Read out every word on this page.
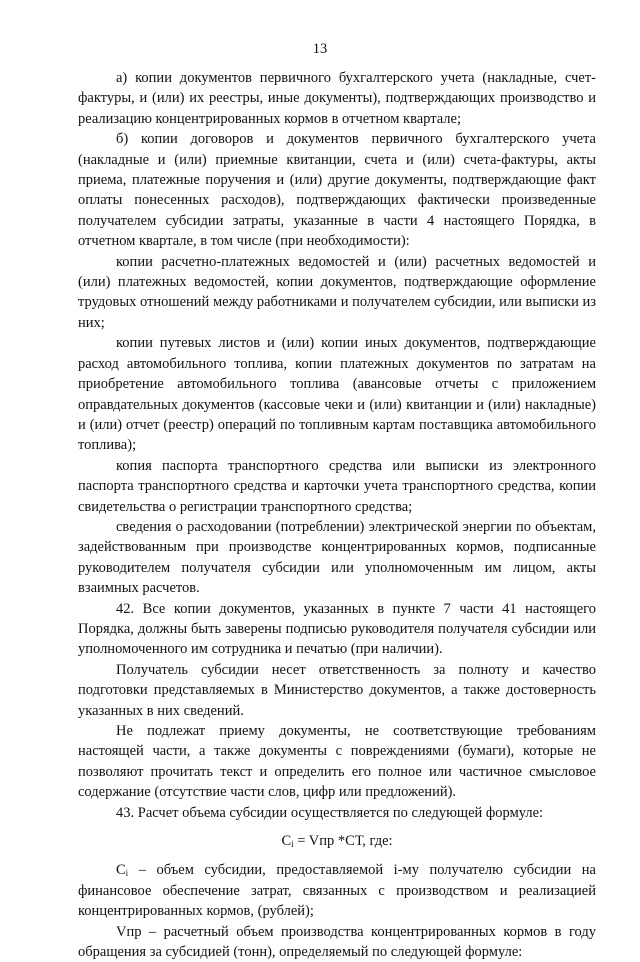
13

а) копии документов первичного бухгалтерского учета (накладные, счет-фактуры, и (или) их реестры, иные документы), подтверждающих производство и реализацию концентрированных кормов в отчетном квартале;

б) копии договоров и документов первичного бухгалтерского учета (накладные и (или) приемные квитанции, счета и (или) счета-фактуры, акты приема, платежные поручения и (или) другие документы, подтверждающие факт оплаты понесенных расходов), подтверждающих фактически произведенные получателем субсидии затраты, указанные в части 4 настоящего Порядка, в отчетном квартале, в том числе (при необходимости):

копии расчетно-платежных ведомостей и (или) расчетных ведомостей и (или) платежных ведомостей, копии документов, подтверждающие оформление трудовых отношений между работниками и получателем субсидии, или выписки из них;

копии путевых листов и (или) копии иных документов, подтверждающие расход автомобильного топлива, копии платежных документов по затратам на приобретение автомобильного топлива (авансовые отчеты с приложением оправдательных документов (кассовые чеки и (или) квитанции и (или) накладные) и (или) отчет (реестр) операций по топливным картам поставщика автомобильного топлива);

копия паспорта транспортного средства или выписки из электронного паспорта транспортного средства и карточки учета транспортного средства, копии свидетельства о регистрации транспортного средства;

сведения о расходовании (потреблении) электрической энергии по объектам, задействованным при производстве концентрированных кормов, подписанные руководителем получателя субсидии или уполномоченным им лицом, акты взаимных расчетов.

42. Все копии документов, указанных в пункте 7 части 41 настоящего Порядка, должны быть заверены подписью руководителя получателя субсидии или уполномоченного им сотрудника и печатью (при наличии).

Получатель субсидии несет ответственность за полноту и качество подготовки представляемых в Министерство документов, а также достоверность указанных в них сведений.

Не подлежат приему документы, не соответствующие требованиям настоящей части, а также документы с повреждениями (бумаги), которые не позволяют прочитать текст и определить его полное или частичное смысловое содержание (отсутствие части слов, цифр или предложений).

43. Расчет объема субсидии осуществляется по следующей формуле:

$C_i$ = Vпр *СТ, где:

$C_i$ – объем субсидии, предоставляемой i-му получателю субсидии на финансовое обеспечение затрат, связанных с производством и реализацией концентрированных кормов, (рублей);

Vпр – расчетный объем производства концентрированных кормов в году обращения за субсидией (тонн), определяемый по следующей формуле:
